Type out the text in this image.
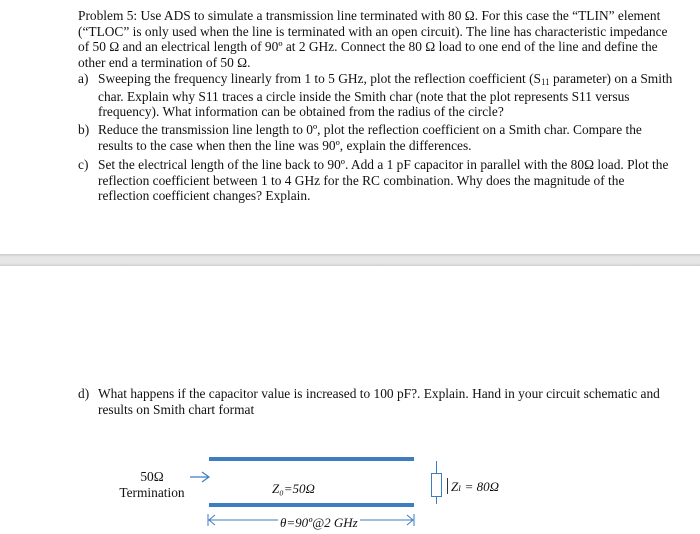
Problem 5: Use ADS to simulate a transmission line terminated with 80 Ω. For this case the “TLIN” element (“TLOC” is only used when the line is terminated with an open circuit). The line has characteristic impedance of 50 Ω and an electrical length of 90º at 2 GHz. Connect the 80 Ω load to one end of the line and define the other end a termination of 50 Ω.
a) Sweeping the frequency linearly from 1 to 5 GHz, plot the reflection coefficient ($S_{11}$ parameter) on a Smith char. Explain why S11 traces a circle inside the Smith char (note that the plot represents S11 versus frequency). What information can be obtained from the radius of the circle?
b) Reduce the transmission line length to 0º, plot the reflection coefficient on a Smith char. Compare the results to the case when then the line was 90º, explain the differences.
c) Set the electrical length of the line back to 90º. Add a 1 pF capacitor in parallel with the 80Ω load. Plot the reflection coefficient between 1 to 4 GHz for the RC combination. Why does the magnitude of the reflection coefficient changes? Explain.
d) What happens if the capacitor value is increased to 100 pF?. Explain. Hand in your circuit schematic and results on Smith chart format
50Ω
Termination	Z₀=50Ω	Zₗ = 80Ω
θ=90º@2 GHz
